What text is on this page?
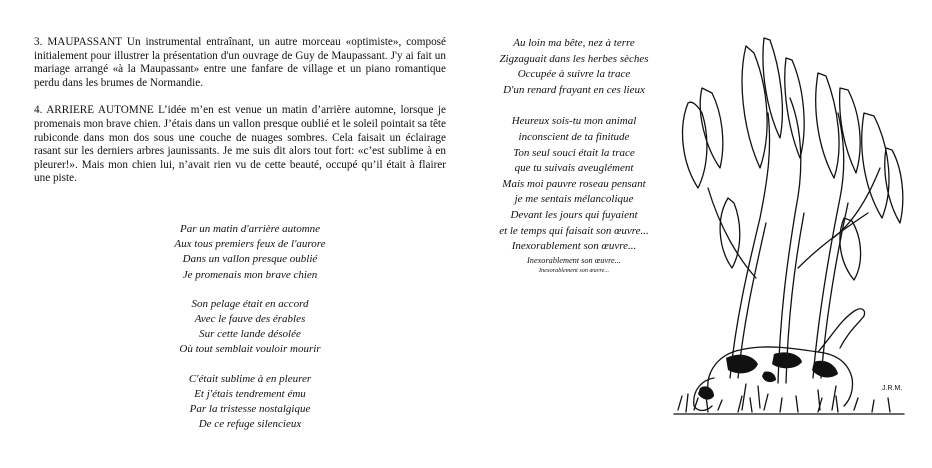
3. MAUPASSANT Un instrumental entraînant, un autre morceau «optimiste», composé initialement pour illustrer la présentation d'un ouvrage de Guy de Maupassant. J'y ai fait un mariage arrangé «à la Maupassant» entre une fanfare de village et un piano romantique perdu dans les brumes de Normandie.

4. ARRIERE AUTOMNE L’idée m’en est venue un matin d’arrière automne, lorsque je promenais mon brave chien. J’étais dans un vallon presque oublié et le soleil pointait sa tête rubiconde dans mon dos sous une couche de nuages sombres. Cela faisait un éclairage rasant sur les derniers arbres jaunissants. Je me suis dit alors tout fort: «c’est sublime à en pleurer!». Mais mon chien lui, n’avait rien vu de cette beauté, occupé qu’il était à flairer une piste.

Par un matin d'arrière automne
Aux tous premiers feux de l'aurore
Dans un vallon presque oublié
Je promenais mon brave chien
Son pelage était en accord
Avec le fauve des érables
Sur cette lande désolée
Où tout semblait vouloir mourir
C'était sublime à en pleurer
Et j'étais tendrement ému
Par la tristesse nostalgique
De ce refuge silencieux
Au loin ma bête, nez à terre
Zigzaguait dans les herbes sèches
Occupée à suivre la trace
D'un renard frayant en ces lieux
Heureux sois-tu mon animal
inconscient de ta finitude
Ton seul souci était la trace
que tu suivais aveuglément
Mais moi pauvre roseau pensant
je me sentais mélancolique
Devant les jours qui fuyaient
et le temps qui faisait son œuvre...
Inexorablement son œuvre...
Inexorablement son œuvre...
Inexorablement son œuvre...
J.R.M.
